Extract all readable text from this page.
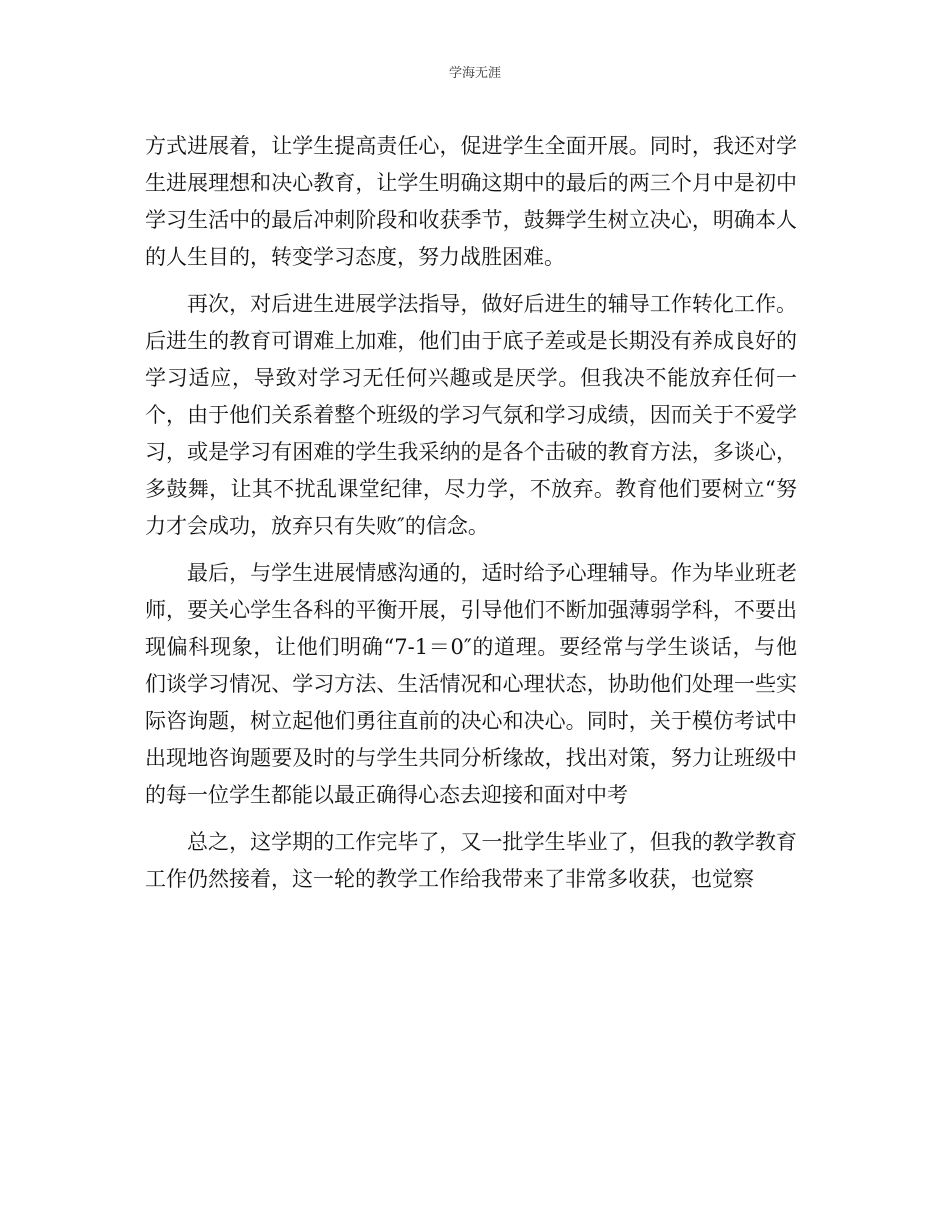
学海无涯

方式进展着，让学生提高责任心，促进学生全面开展。同时，我还对学生进展理想和决心教育，让学生明确这期中的最后的两三个月中是初中学习生活中的最后冲刺阶段和收获季节，鼓舞学生树立决心，明确本人的人生目的，转变学习态度，努力战胜困难。

再次，对后进生进展学法指导，做好后进生的辅导工作转化工作。后进生的教育可谓难上加难，他们由于底子差或是长期没有养成良好的学习适应，导致对学习无任何兴趣或是厌学。但我决不能放弃任何一个，由于他们关系着整个班级的学习气氛和学习成绩，因而关于不爱学习，或是学习有困难的学生我采纳的是各个击破的教育方法，多谈心，多鼓舞，让其不扰乱课堂纪律，尽力学，不放弃。教育他们要树立“努力才会成功，放弃只有失败″的信念。

最后，与学生进展情感沟通的，适时给予心理辅导。作为毕业班老师，要关心学生各科的平衡开展，引导他们不断加强薄弱学科，不要出现偏科现象，让他们明确“7-1＝0″的道理。要经常与学生谈话，与他们谈学习情况、学习方法、生活情况和心理状态，协助他们处理一些实际咨询题，树立起他们勇往直前的决心和决心。同时，关于模仿考试中出现地咨询题要及时的与学生共同分析缘故，找出对策，努力让班级中的每一位学生都能以最正确得心态去迎接和面对中考

总之，这学期的工作完毕了，又一批学生毕业了，但我的教学教育工作仍然接着，这一轮的教学工作给我带来了非常多收获，也觉察
